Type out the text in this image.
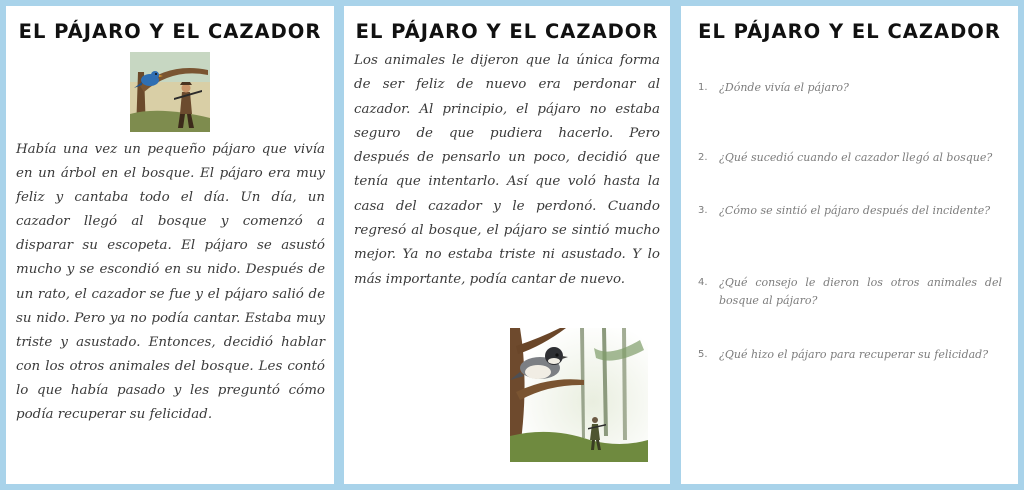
EL PÁJARO Y EL CAZADOR

Había una vez un pequeño pájaro que vivía en un árbol en el bosque. El pájaro era muy feliz y cantaba todo el día. Un día, un cazador llegó al bosque y comenzó a disparar su escopeta. El pájaro se asustó mucho y se escondió en su nido. Después de un rato, el cazador se fue y el pájaro salió de su nido. Pero ya no podía cantar. Estaba muy triste y asustado. Entonces, decidió hablar con los otros animales del bosque. Les contó lo que había pasado y les preguntó cómo podía recuperar su felicidad.

EL PÁJARO Y EL CAZADOR

Los animales le dijeron que la única forma de ser feliz de nuevo era perdonar al cazador. Al principio, el pájaro no estaba seguro de que pudiera hacerlo. Pero después de pensarlo un poco, decidió que tenía que intentarlo. Así que voló hasta la casa del cazador y le perdonó. Cuando regresó al bosque, el pájaro se sintió mucho mejor. Ya no estaba triste ni asustado. Y lo más importante, podía cantar de nuevo.

EL PÁJARO Y EL CAZADOR
1.	¿Dónde vivía el pájaro?
2.	¿Qué sucedió cuando el cazador llegó al bosque?
3.	¿Cómo se sintió el pájaro después del incidente?
4.	¿Qué consejo le dieron los otros animales del bosque al pájaro?
5.	¿Qué hizo el pájaro para recuperar su felicidad?
